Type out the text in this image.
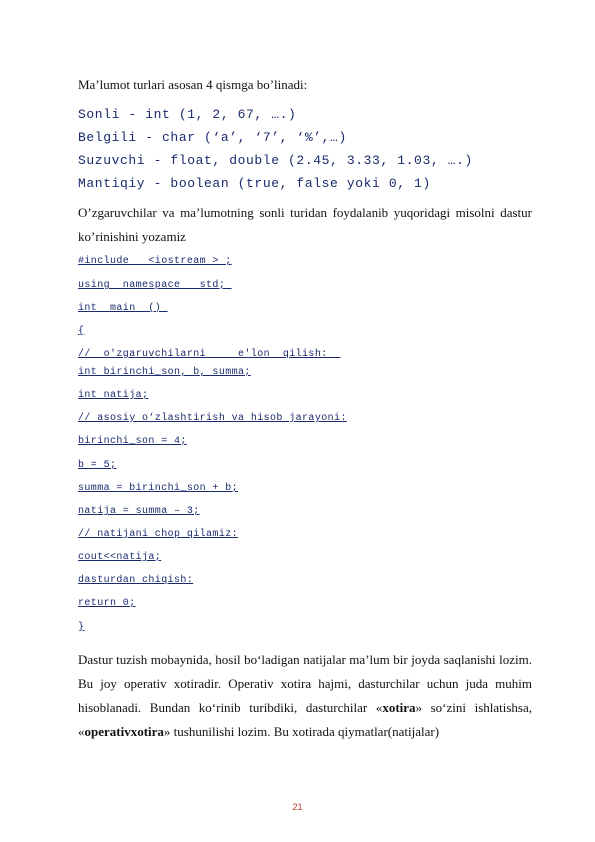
Ma’lumot turlari asosan 4 qismga bo’linadi:
Sonli - int (1, 2, 67, ….)
Belgili - char (‘a’, ‘7’, ‘%’,…)
Suzuvchi - float, double (2.45, 3.33, 1.03, ….)
Mantiqiy - boolean (true, false yoki 0, 1)
O’zgaruvchilar va ma’lumotning sonli turidan foydalanib yuqoridagi misolni dastur ko’rinishini yozamiz
#include   <iostream > ;
using  namespace   std;
int  main  ()
{
//  o'zgaruvchilarni     e'lon  qilish:
int birinchi_son, b, summa;
int natija;
// asosiy o‘zlashtirish va hisob jarayoni:
birinchi_son = 4;
b = 5;
summa = birinchi_son + b;
natija = summa – 3;
// natijani chop qilamiz:
cout<<natija;
dasturdan chiqish:
return 0;
}
Dastur tuzish mobaynida, hosil bo‘ladigan natijalar ma’lum bir joyda saqlanishi lozim. Bu joy operativ xotiradir. Operativ xotira hajmi, dasturchilar uchun juda muhim hisoblanadi. Bundan ko‘rinib turibdiki, dasturchilar «xotira» so‘zini ishlatishsa, «operativxotira» tushunilishi lozim. Bu xotirada qiymatlar(natijalar)
21
